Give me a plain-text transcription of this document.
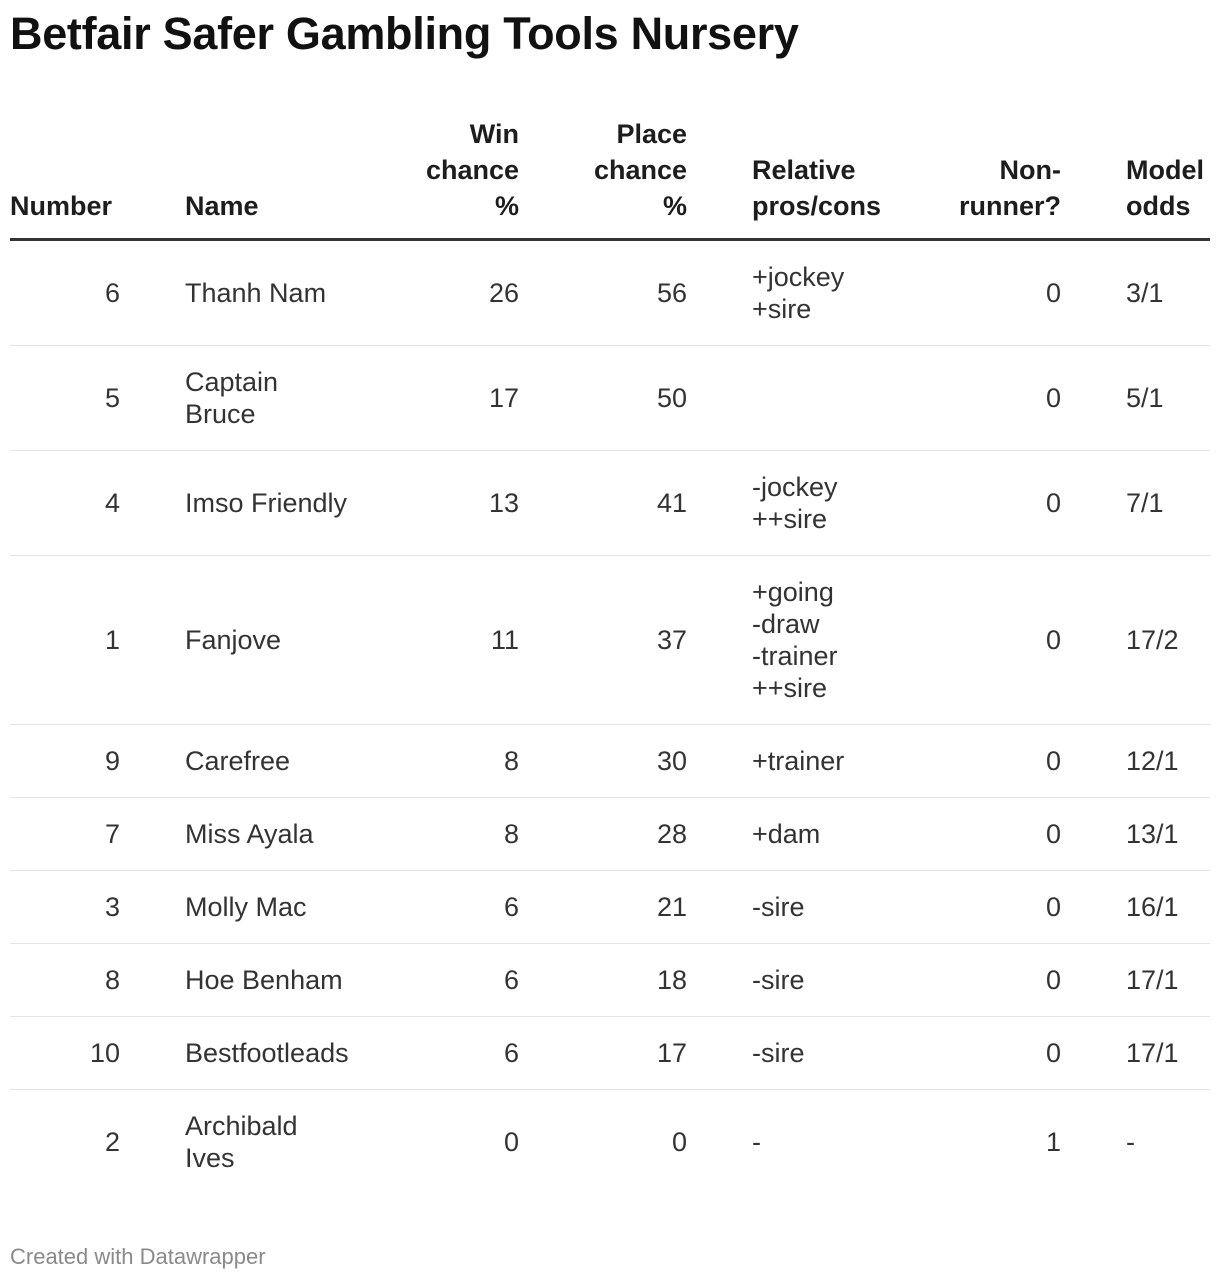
Betfair Safer Gambling Tools Nursery
Number	Name	Win
chance
%	Place
chance
%	Relative
pros/cons	Non-
runner?	Model
odds

6	Thanh Nam	26	56	+jockey
+sire	0	3/1

5	Captain
Bruce	17	50		0	5/1

4	Imso Friendly	13	41	-jockey
++sire	0	7/1

1	Fanjove	11	37	+going
-draw
-trainer
++sire	0	17/2

9	Carefree	8	30	+trainer	0	12/1

7	Miss Ayala	8	28	+dam	0	13/1

3	Molly Mac	6	21	-sire	0	16/1

8	Hoe Benham	6	18	-sire	0	17/1

10	Bestfootleads	6	17	-sire	0	17/1

2	Archibald
Ives	0	0	-	1	-
Created with Datawrapper
